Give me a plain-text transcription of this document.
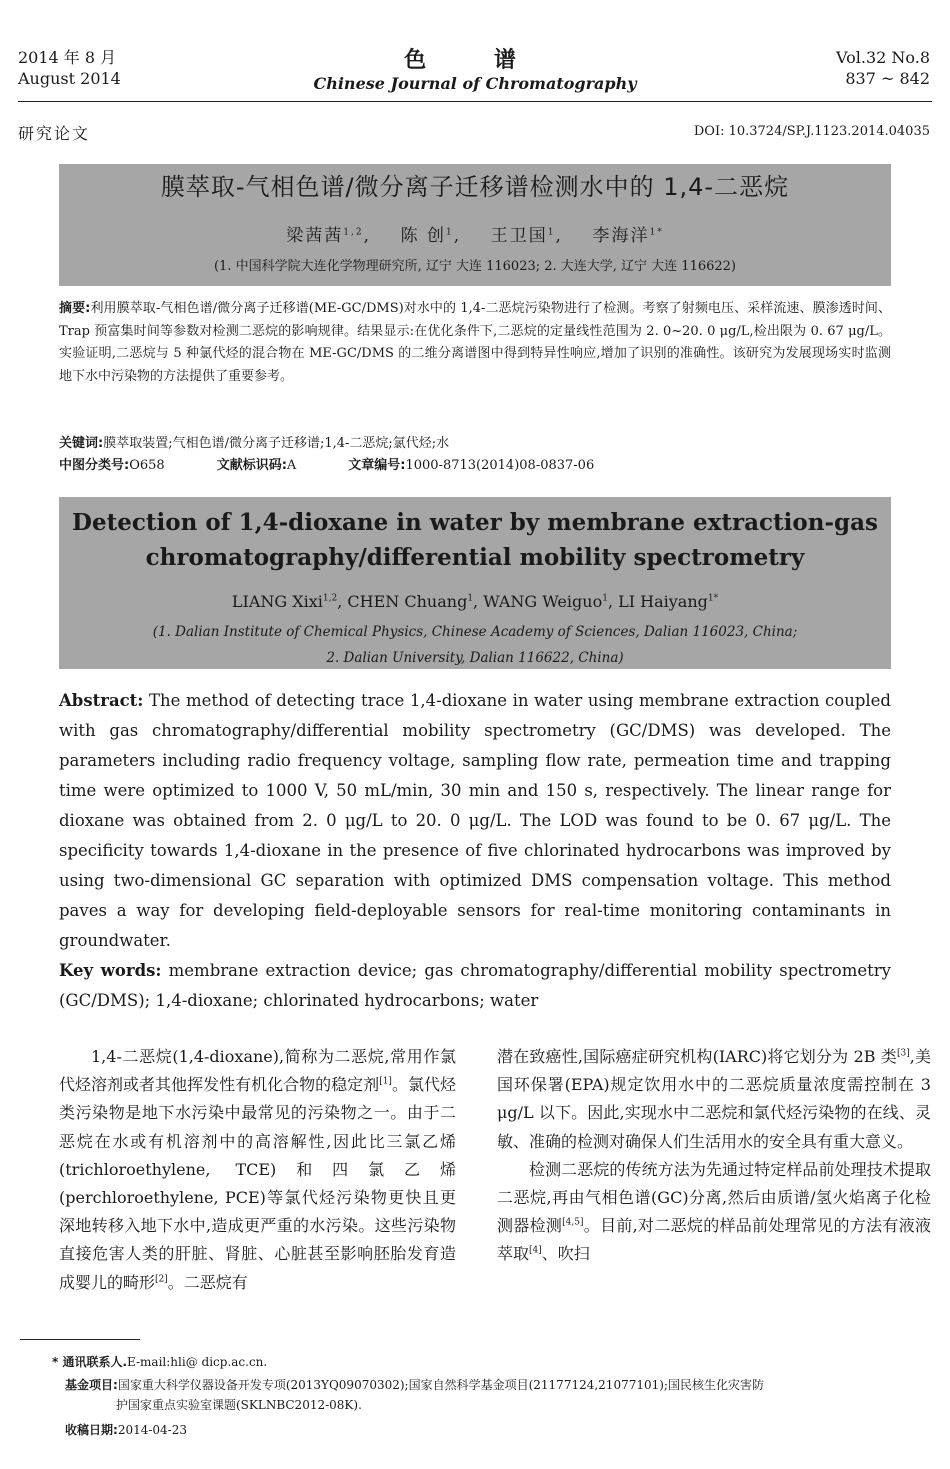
2014 年 8 月
August 2014
色 谱
Chinese Journal of Chromatography
Vol.32 No.8
837 ~ 842
研究论文	DOI: 10.3724/SP.J.1123.2014.04035
膜萃取-气相色谱/微分离子迁移谱检测水中的 1,4-二恶烷
梁茜茜$^{1,2}$,    陈 创$^1$,    王卫国$^1$,    李海洋$^{1*}$
(1. 中国科学院大连化学物理研究所, 辽宁 大连 116023; 2. 大连大学, 辽宁 大连 116622)
摘要:利用膜萃取-气相色谱/微分离子迁移谱(ME-GC/DMS)对水中的 1,4-二恶烷污染物进行了检测。考察了射频电压、采样流速、膜渗透时间、Trap 预富集时间等参数对检测二恶烷的影响规律。结果显示:在优化条件下,二恶烷的定量线性范围为 2. 0~20. 0 μg/L,检出限为 0. 67 μg/L。实验证明,二恶烷与 5 种氯代烃的混合物在 ME-GC/DMS 的二维分离谱图中得到特异性响应,增加了识别的准确性。该研究为发展现场实时监测地下水中污染物的方法提供了重要参考。
关键词:膜萃取装置;气相色谱/微分离子迁移谱;1,4-二恶烷;氯代烃;水
中图分类号:O658	文献标识码:A	文章编号:1000-8713(2014)08-0837-06
Detection of 1,4-dioxane in water by membrane extraction-gas
chromatography/differential mobility spectrometry
LIANG Xixi$^{1,2}$, CHEN Chuang$^1$, WANG Weiguo$^1$, LI Haiyang$^{1*}$
(1. Dalian Institute of Chemical Physics, Chinese Academy of Sciences, Dalian 116023, China;
2. Dalian University, Dalian 116622, China)
Abstract: The method of detecting trace 1,4-dioxane in water using membrane extraction coupled with gas chromatography/differential mobility spectrometry (GC/DMS) was developed. The parameters including radio frequency voltage, sampling flow rate, permeation time and trapping time were optimized to 1000 V, 50 mL/min, 30 min and 150 s, respectively. The linear range for dioxane was obtained from 2. 0 μg/L to 20. 0 μg/L. The LOD was found to be 0. 67 μg/L. The specificity towards 1,4-dioxane in the presence of five chlorinated hydrocarbons was improved by using two-dimensional GC separation with optimized DMS compensation voltage. This method paves a way for developing field-deployable sensors for real-time monitoring contaminants in groundwater.
Key words: membrane extraction device; gas chromatography/differential mobility spectrometry (GC/DMS); 1,4-dioxane; chlorinated hydrocarbons; water

1,4-二恶烷(1,4-dioxane),简称为二恶烷,常用作氯代烃溶剂或者其他挥发性有机化合物的稳定剂[1]。氯代烃类污染物是地下水污染中最常见的污染物之一。由于二恶烷在水或有机溶剂中的高溶解性,因此比三氯乙烯(trichloroethylene, TCE)和四氯乙烯(perchloroethylene, PCE)等氯代烃污染物更快且更深地转移入地下水中,造成更严重的水污染。这些污染物直接危害人类的肝脏、肾脏、心脏甚至影响胚胎发育造成婴儿的畸形[2]。二恶烷有

潜在致癌性,国际癌症研究机构(IARC)将它划分为 2B 类[3],美国环保署(EPA)规定饮用水中的二恶烷质量浓度需控制在 3 μg/L 以下。因此,实现水中二恶烷和氯代烃污染物的在线、灵敏、准确的检测对确保人们生活用水的安全具有重大意义。

检测二恶烷的传统方法为先通过特定样品前处理技术提取二恶烷,再由气相色谱(GC)分离,然后由质谱/氢火焰离子化检测器检测[4,5]。目前,对二恶烷的样品前处理常见的方法有液液萃取[4]、吹扫

* 通讯联系人.E-mail:hli@ dicp.ac.cn.
基金项目:国家重大科学仪器设备开发专项(2013YQ09070302);国家自然科学基金项目(21177124,21077101);国民核生化灾害防
护国家重点实验室课题(SKLNBC2012-08K).
收稿日期:2014-04-23
